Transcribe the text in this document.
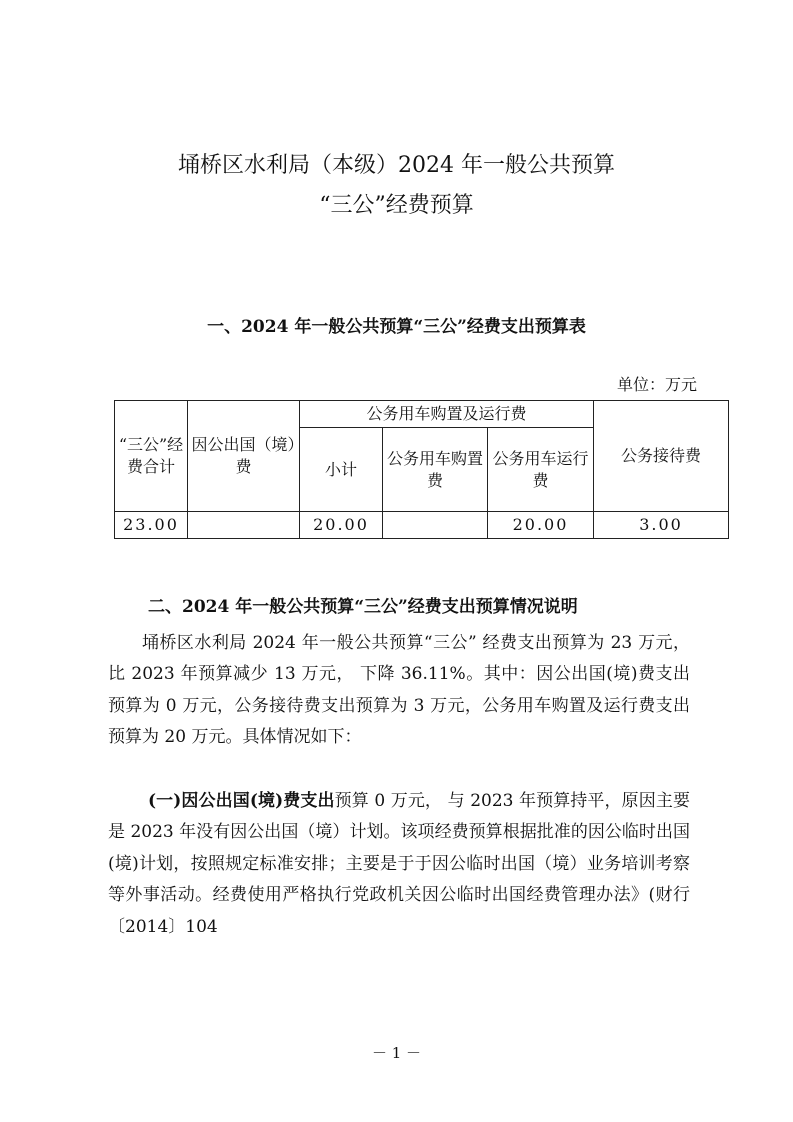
埇桥区水利局（本级）2024 年一般公共预算
“三公”经费预算
一、2024 年一般公共预算“三公”经费支出预算表
单位：万元
“三公”经费合计	因公出国（境）费	公务用车购置及运行费			公务接待费
		小计	公务用车购置费	公务用车运行费	
23.00		20.00		20.00	3.00
二、2024 年一般公共预算“三公”经费支出预算情况说明
埇桥区水利局 2024 年一般公共预算“三公” 经费支出预算为 23 万元，比 2023 年预算减少 13 万元， 下降 36.11%。其中：因公出国(境)费支出预算为 0 万元，公务接待费支出预算为 3 万元，公务用车购置及运行费支出预算为 20 万元。具体情况如下：
(一)因公出国(境)费支出预算 0 万元， 与 2023 年预算持平，原因主要是 2023 年没有因公出国（境）计划。该项经费预算根据批准的因公临时出国(境)计划，按照规定标准安排；主要是于于因公临时出国（境）业务培训考察等外事活动。经费使用严格执行党政机关因公临时出国经费管理办法》(财行〔2014〕104
－ 1 －
